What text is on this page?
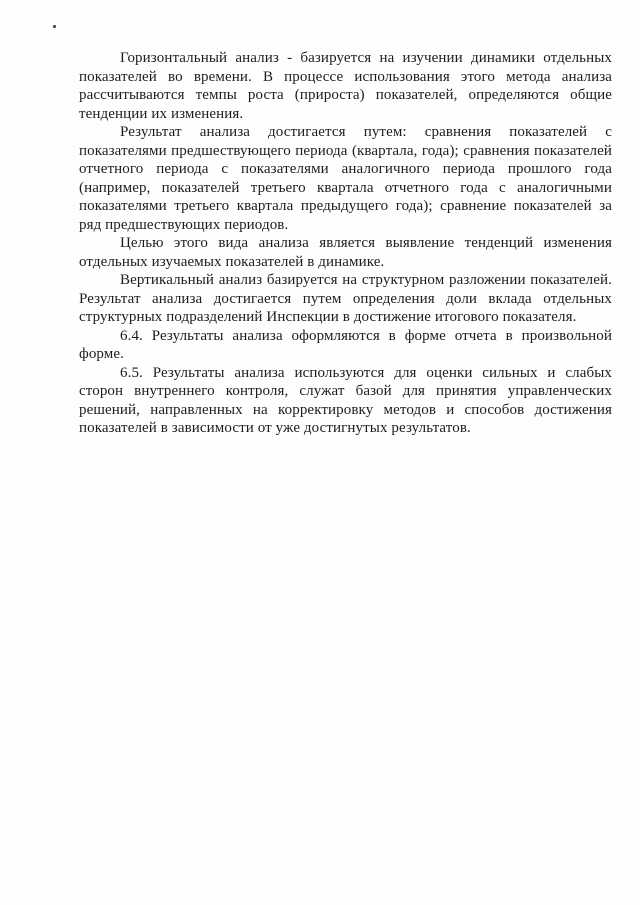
Горизонтальный анализ - базируется на изучении динамики отдельных показателей во времени. В процессе использования этого метода анализа рассчитываются темпы роста (прироста) показателей, определяются общие тенденции их изменения.

Результат анализа достигается путем: сравнения показателей с показателями предшествующего периода (квартала, года); сравнения показателей отчетного периода с показателями аналогичного периода прошлого года (например, показателей третьего квартала отчетного года с аналогичными показателями третьего квартала предыдущего года); сравнение показателей за ряд предшествующих периодов.

Целью этого вида анализа является выявление тенденций изменения отдельных изучаемых показателей в динамике.

Вертикальный анализ базируется на структурном разложении показателей. Результат анализа достигается путем определения доли вклада отдельных структурных подразделений Инспекции в достижение итогового показателя.

6.4. Результаты анализа оформляются в форме отчета в произвольной форме.

6.5. Результаты анализа используются для оценки сильных и слабых сторон внутреннего контроля, служат базой для принятия управленческих решений, направленных на корректировку методов и способов достижения показателей в зависимости от уже достигнутых результатов.
